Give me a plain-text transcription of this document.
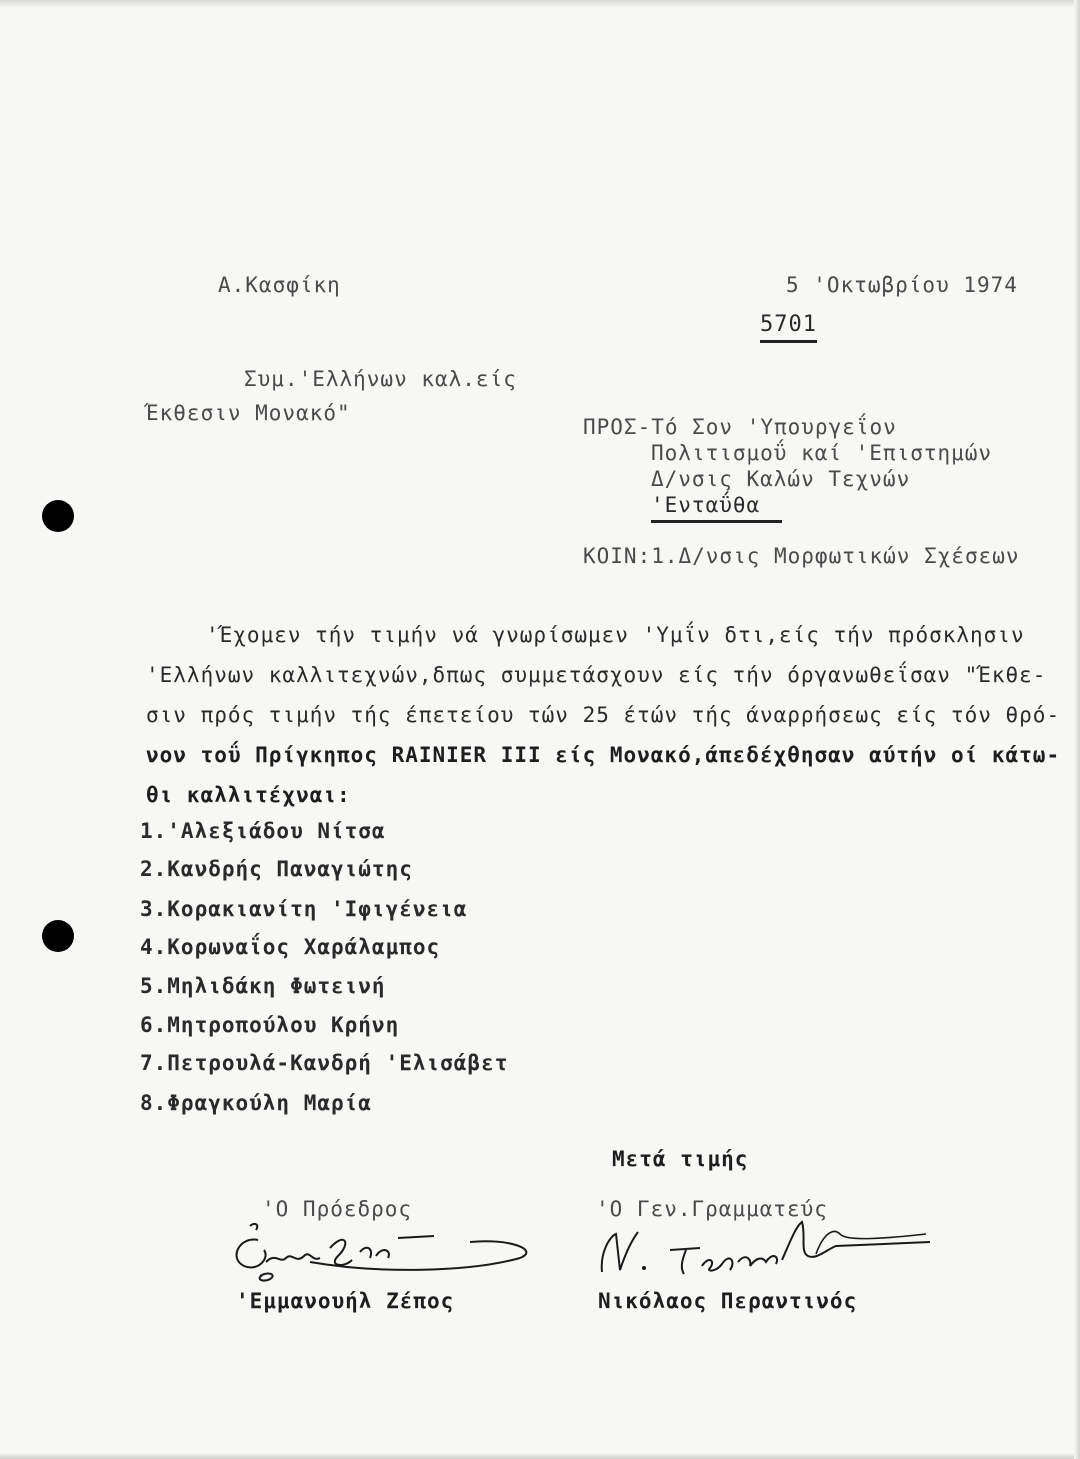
Α.Κασφίκη	5 'Οκτωβρίου 1974
5701
Συμ.'Ελλήνων καλ.είς
Έκθεσιν Μονακό"
ΠΡΟΣ-Τό Σον 'Υπουργεΐον
Πολιτισμοΰ καί 'Επιστημών
Δ/νσις Καλών Τεχνών
'Ενταΰθα
ΚΟΙΝ:1.Δ/νσις Μορφωτικών Σχέσεων
'Έχομεν τήν τιμήν νά γνωρίσωμεν 'Υμΐν δτι,είς τήν πρόσκλησιν
'Ελλήνων καλλιτεχνών,δπως συμμετάσχουν είς τήν όργανωθεΐσαν "Έκθε-
σιν πρός τιμήν τής έπετείου τών 25 έτών τής άναρρήσεως είς τόν θρό-
νον τοΰ Πρίγκηπος RAINIER III είς Μονακό,άπεδέχθησαν αύτήν οί κάτω-
θι καλλιτέχναι:
1.'Αλεξιάδου Νίτσα
2.Κανδρής Παναγιώτης
3.Κορακιανίτη 'Ιφιγένεια
4.Κορωναΐος Χαράλαμπος
5.Μηλιδάκη Φωτεινή
6.Μητροπούλου Κρήνη
7.Πετρουλά-Κανδρή 'Ελισάβετ
8.Φραγκούλη Μαρία
Μετά τιμής
'Ο Πρόεδρος	'Ο Γεν.Γραμματεύς
'Εμμανουήλ Ζέπος	Νικόλαος Περαντινός
